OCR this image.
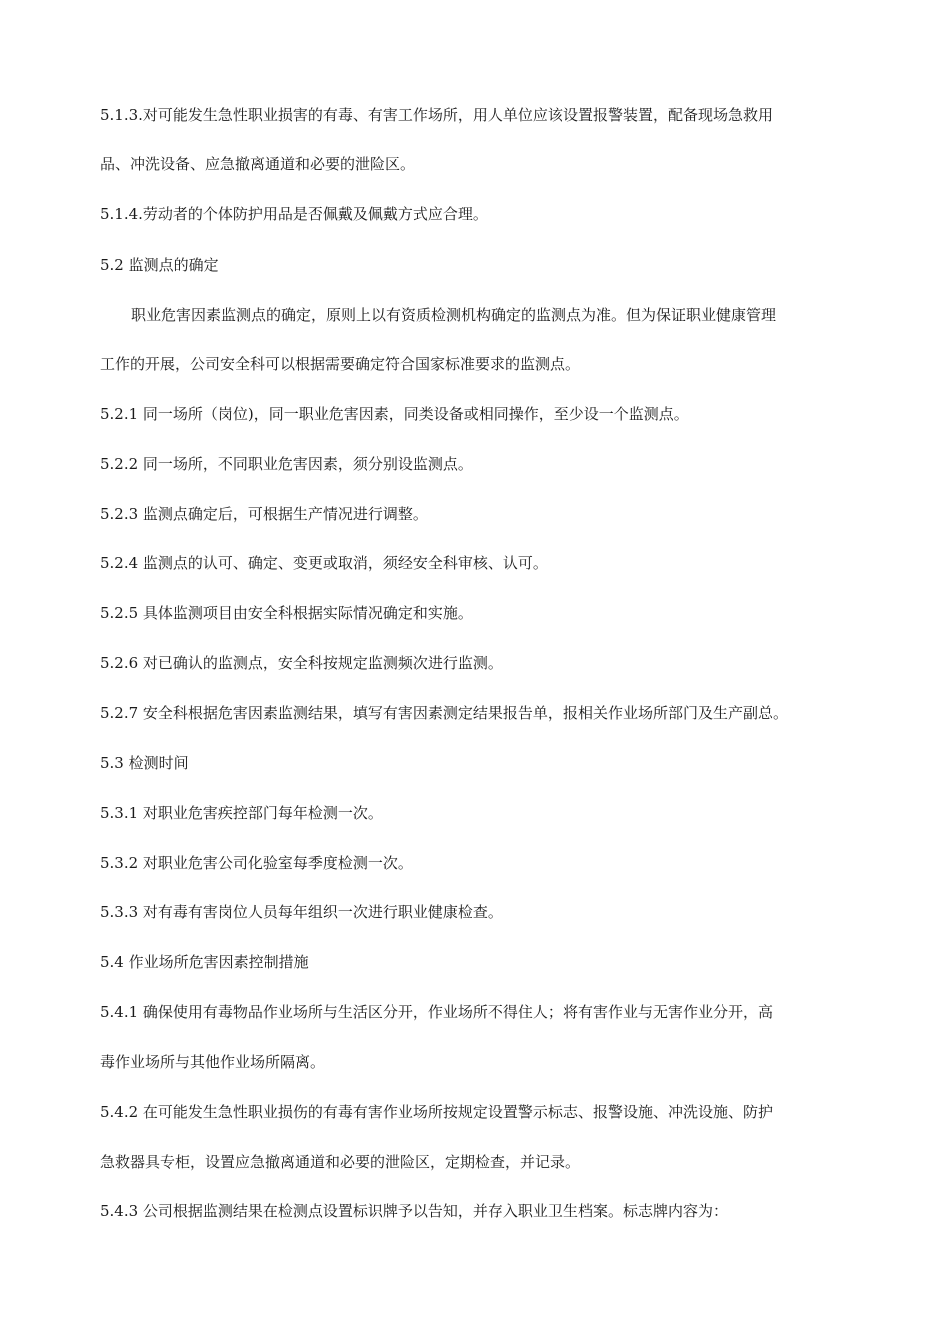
5.1.3.对可能发生急性职业损害的有毒、有害工作场所，用人单位应该设置报警装置，配备现场急救用
品、冲洗设备、应急撤离通道和必要的泄险区。
5.1.4.劳动者的个体防护用品是否佩戴及佩戴方式应合理。
5.2 监测点的确定
职业危害因素监测点的确定，原则上以有资质检测机构确定的监测点为准。但为保证职业健康管理
工作的开展，公司安全科可以根据需要确定符合国家标准要求的监测点。
5.2.1 同一场所（岗位)，同一职业危害因素，同类设备或相同操作，至少设一个监测点。
5.2.2 同一场所，不同职业危害因素，须分别设监测点。
5.2.3 监测点确定后，可根据生产情况进行调整。
5.2.4 监测点的认可、确定、变更或取消，须经安全科审核、认可。
5.2.5 具体监测项目由安全科根据实际情况确定和实施。
5.2.6 对已确认的监测点，安全科按规定监测频次进行监测。
5.2.7 安全科根据危害因素监测结果，填写有害因素测定结果报告单，报相关作业场所部门及生产副总。
5.3 检测时间
5.3.1 对职业危害疾控部门每年检测一次。
5.3.2 对职业危害公司化验室每季度检测一次。
5.3.3 对有毒有害岗位人员每年组织一次进行职业健康检查。
5.4 作业场所危害因素控制措施
5.4.1 确保使用有毒物品作业场所与生活区分开，作业场所不得住人；将有害作业与无害作业分开，高
毒作业场所与其他作业场所隔离。
5.4.2 在可能发生急性职业损伤的有毒有害作业场所按规定设置警示标志、报警设施、冲洗设施、防护
急救器具专柜，设置应急撤离通道和必要的泄险区，定期检查，并记录。
5.4.3 公司根据监测结果在检测点设置标识牌予以告知，并存入职业卫生档案。标志牌内容为：
